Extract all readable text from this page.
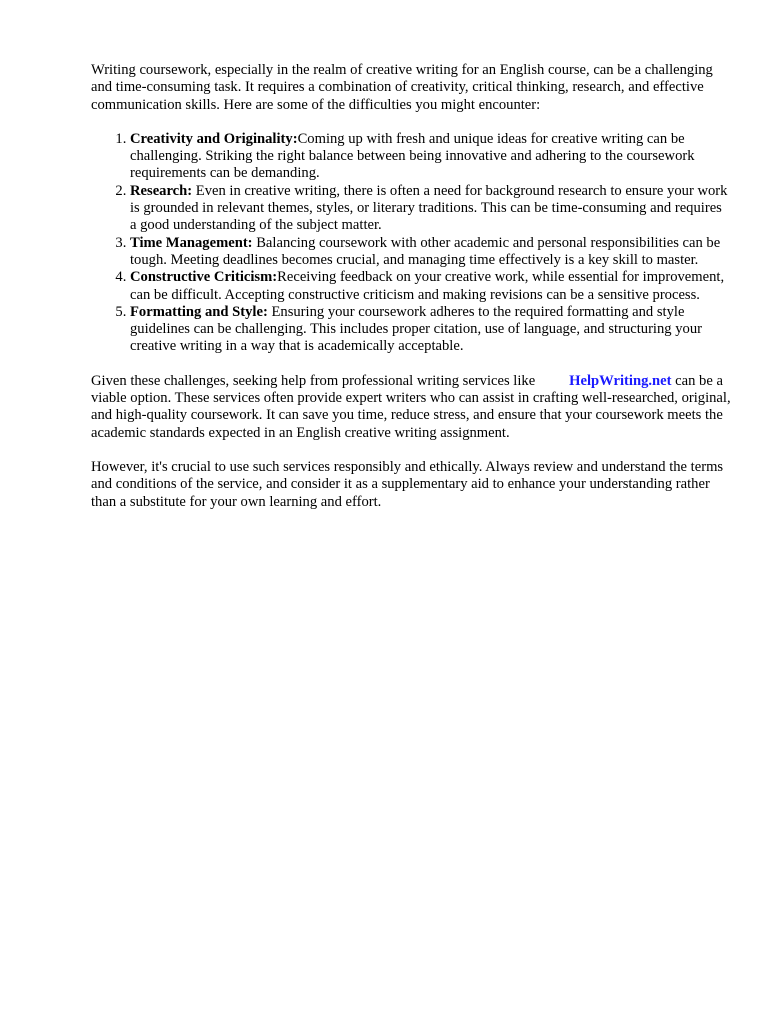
Writing coursework, especially in the realm of creative writing for an English course, can be a challenging and time-consuming task. It requires a combination of creativity, critical thinking, research, and effective communication skills. Here are some of the difficulties you might encounter:

1. Creativity and Originality:Coming up with fresh and unique ideas for creative writing can be challenging. Striking the right balance between being innovative and adhering to the coursework requirements can be demanding.
2. Research: Even in creative writing, there is often a need for background research to ensure your work is grounded in relevant themes, styles, or literary traditions. This can be time-consuming and requires a good understanding of the subject matter.
3. Time Management: Balancing coursework with other academic and personal responsibilities can be tough. Meeting deadlines becomes crucial, and managing time effectively is a key skill to master.
4. Constructive Criticism:Receiving feedback on your creative work, while essential for improvement, can be difficult. Accepting constructive criticism and making revisions can be a sensitive process.
5. Formatting and Style: Ensuring your coursework adheres to the required formatting and style guidelines can be challenging. This includes proper citation, use of language, and structuring your creative writing in a way that is academically acceptable.

Given these challenges, seeking help from professional writing services like HelpWriting.net can be a viable option. These services often provide expert writers who can assist in crafting well-researched, original, and high-quality coursework. It can save you time, reduce stress, and ensure that your coursework meets the academic standards expected in an English creative writing assignment.

However, it's crucial to use such services responsibly and ethically. Always review and understand the terms and conditions of the service, and consider it as a supplementary aid to enhance your understanding rather than a substitute for your own learning and effort.
